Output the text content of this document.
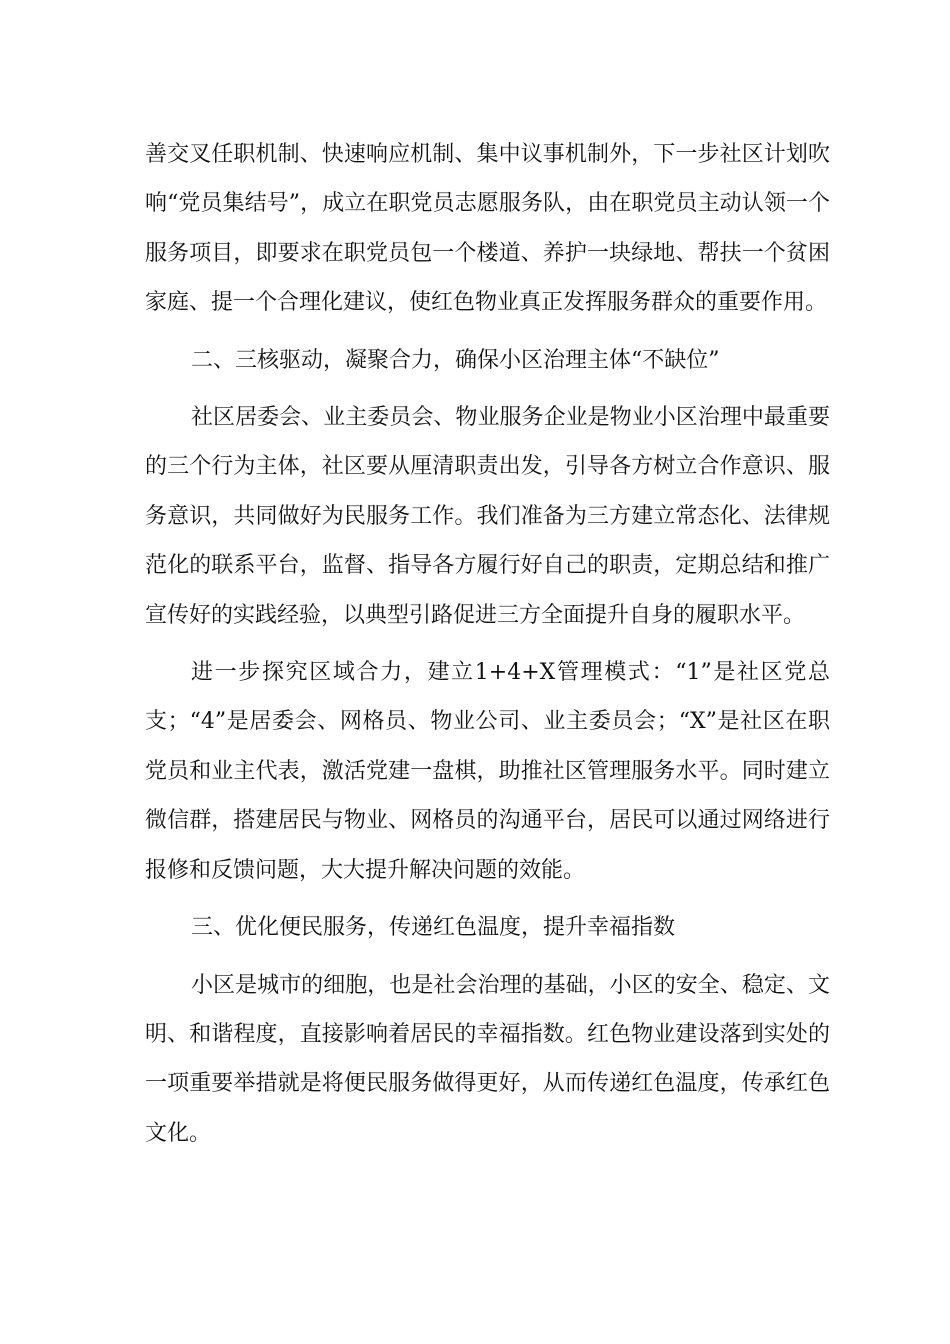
善交叉任职机制、快速响应机制、集中议事机制外，下一步社区计划吹响“党员集结号”，成立在职党员志愿服务队，由在职党员主动认领一个服务项目，即要求在职党员包一个楼道、养护一块绿地、帮扶一个贫困家庭、提一个合理化建议，使红色物业真正发挥服务群众的重要作用。

二、三核驱动，凝聚合力，确保小区治理主体“不缺位”

社区居委会、业主委员会、物业服务企业是物业小区治理中最重要的三个行为主体，社区要从厘清职责出发，引导各方树立合作意识、服务意识，共同做好为民服务工作。我们准备为三方建立常态化、法律规范化的联系平台，监督、指导各方履行好自己的职责，定期总结和推广宣传好的实践经验，以典型引路促进三方全面提升自身的履职水平。

进一步探究区域合力，建立1+4+X管理模式：“1”是社区党总支；“4”是居委会、网格员、物业公司、业主委员会；“X”是社区在职党员和业主代表，激活党建一盘棋，助推社区管理服务水平。同时建立微信群，搭建居民与物业、网格员的沟通平台，居民可以通过网络进行报修和反馈问题，大大提升解决问题的效能。

三、优化便民服务，传递红色温度，提升幸福指数

小区是城市的细胞，也是社会治理的基础，小区的安全、稳定、文明、和谐程度，直接影响着居民的幸福指数。红色物业建设落到实处的一项重要举措就是将便民服务做得更好，从而传递红色温度，传承红色文化。
